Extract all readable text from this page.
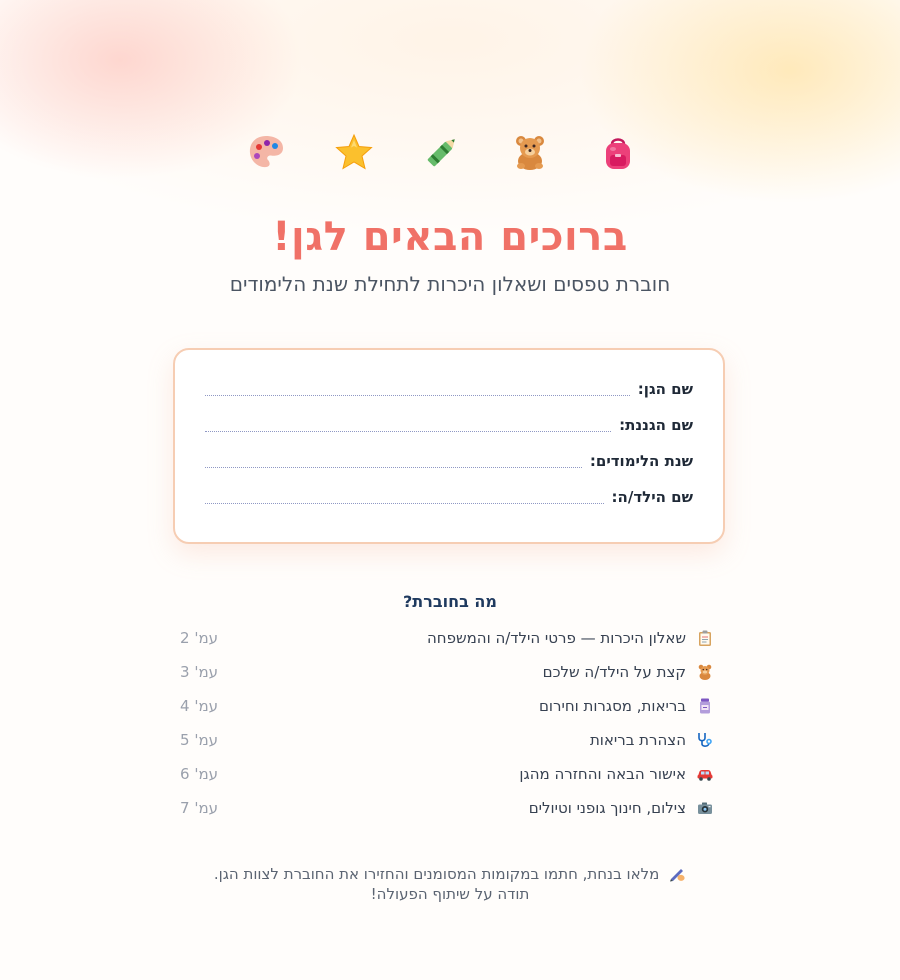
ברוכים הבאים לגן!

חוברת טפסים ושאלון היכרות לתחילת שנת הלימודים

שם הגן:
שם הגננת:
שנת הלימודים:
שם הילד/ה:
מה בחוברת?
שאלון היכרות — פרטי הילד/ה והמשפחה
עמ' 2
קצת על הילד/ה שלכם
עמ' 3
בריאות, מסגרות וחירום
עמ' 4
הצהרת בריאות
עמ' 5
אישור הבאה והחזרה מהגן
עמ' 6
צילום, חינוך גופני וטיולים
עמ' 7
מלאו בנחת, חתמו במקומות המסומנים והחזירו את החוברת לצוות הגן.
תודה על שיתוף הפעולה!
